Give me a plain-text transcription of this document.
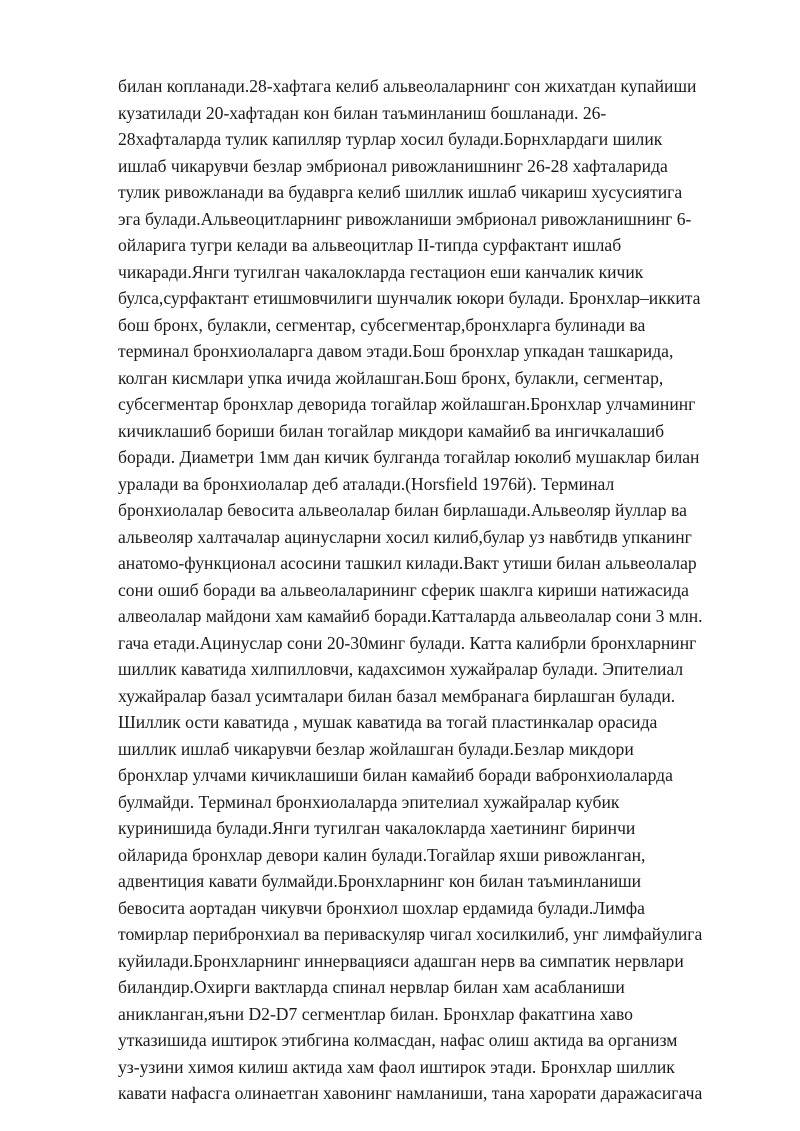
билан копланади.28-хафтага келиб альвеолаларнинг сон жихатдан купайиши
кузатилади 20-хафтадан кон билан таъминланиш бошланади. 26-
28хафталарда тулик капилляр турлар хосил булади.Борнхлардаги шилик
ишлаб чикарувчи безлар эмбрионал ривожланишнинг 26-28 хафталарида
тулик ривожланади ва будаврга келиб шиллик ишлаб чикариш хусусиятига
эга булади.Альвеоцитларнинг ривожланиши эмбрионал ривожланишнинг 6-
ойларига тугри келади ва альвеоцитлар II-типда сурфактант ишлаб
чикаради.Янги тугилган чакалокларда гестацион еши канчалик кичик
булса,сурфактант етишмовчилиги шунчалик юкори булади. Бронхлар–иккита
бош бронх, булакли, сегментар, субсегментар,бронхларга булинади ва
терминал бронхиолаларга давом этади.Бош бронхлар упкадан ташкарида,
колган кисмлари упка ичида жойлашган.Бош бронх, булакли, сегментар,
субсегментар бронхлар деворида тогайлар жойлашган.Бронхлар улчамининг
кичиклашиб бориши билан тогайлар микдори камайиб ва ингичкалашиб
боради. Диаметри 1мм дан кичик булганда тогайлар юколиб мушаклар билан
уралади ва бронхиолалар деб аталади.(Horsfield 1976й). Терминал
бронхиолалар бевосита альвеолалар билан бирлашади.Альвеоляр йуллар ва
альвеоляр халтачалар ацинусларни хосил килиб,булар уз навбтидв упканинг
анатомо-функционал асосини ташкил килади.Вакт утиши билан альвеолалар
сони ошиб боради ва альвеолаларининг сферик шаклга кириши натижасида
алвеолалар майдони хам камайиб боради.Катталарда альвеолалар сони 3 млн.
гача етади.Ацинуслар сони 20-30минг булади. Катта калибрли бронхларнинг
шиллик каватида хилпилловчи, кадахсимон хужайралар булади. Эпителиал
хужайралар базал усимталари билан базал мембранага бирлашган булади.
Шиллик ости каватида , мушак каватида ва тогай пластинкалар орасида
шиллик ишлаб чикарувчи безлар жойлашган булади.Безлар микдори
бронхлар улчами кичиклашиши билан камайиб боради вабронхиолаларда
булмайди. Терминал бронхиолаларда эпителиал хужайралар кубик
куринишида булади.Янги тугилган чакалокларда хаетининг биринчи
ойларида бронхлар девори калин булади.Тогайлар яхши ривожланган,
адвентиция кавати булмайди.Бронхларнинг кон билан таъминланиши
бевосита аортадан чикувчи бронхиол шохлар ердамида булади.Лимфа
томирлар перибронхиал ва периваскуляр чигал хосилкилиб, унг лимфайулига
куйилади.Бронхларнинг иннервацияси адашган нерв ва симпатик нервлари
биландир.Охирги вактларда спинал нервлар билан хам асабланиши
аникланган,яъни D2-D7 сегментлар билан. Бронхлар факатгина хаво
утказишида иштирок этибгина колмасдан, нафас олиш актида ва организм
уз-узини химоя килиш актида хам фаол иштирок этади. Бронхлар шиллик
кавати нафасга олинаетган хавонинг намланиши, тана харорати даражасигача
